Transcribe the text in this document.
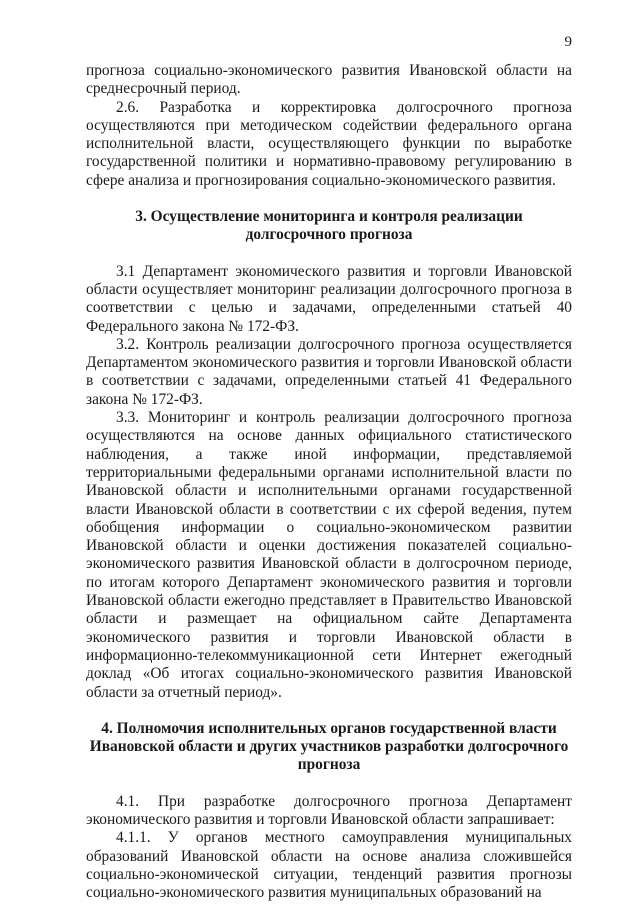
9

прогноза социально-экономического развития Ивановской области на среднесрочный период.

2.6. Разработка и корректировка долгосрочного прогноза осуществляются при методическом содействии федерального органа исполнительной власти, осуществляющего функции по выработке государственной политики и нормативно-правовому регулированию в сфере анализа и прогнозирования социально-экономического развития.

3. Осуществление мониторинга и контроля реализации долгосрочного прогноза

3.1 Департамент экономического развития и торговли Ивановской области осуществляет мониторинг реализации долгосрочного прогноза в соответствии с целью и задачами, определенными статьей 40 Федерального закона № 172-ФЗ.

3.2. Контроль реализации долгосрочного прогноза осуществляется Департаментом экономического развития и торговли Ивановской области в соответствии с задачами, определенными статьей 41 Федерального закона № 172-ФЗ.

3.3. Мониторинг и контроль реализации долгосрочного прогноза осуществляются на основе данных официального статистического наблюдения, а также иной информации, представляемой территориальными федеральными органами исполнительной власти по Ивановской области и исполнительными органами государственной власти Ивановской области в соответствии с их сферой ведения, путем обобщения информации о социально-экономическом развитии Ивановской области и оценки достижения показателей социально-экономического развития Ивановской области в долгосрочном периоде, по итогам которого Департамент экономического развития и торговли Ивановской области ежегодно представляет в Правительство Ивановской области и размещает на официальном сайте Департамента экономического развития и торговли Ивановской области в информационно-телекоммуникационной сети Интернет ежегодный доклад «Об итогах социально-экономического развития Ивановской области за отчетный период».

4. Полномочия исполнительных органов государственной власти Ивановской области и других участников разработки долгосрочного прогноза

4.1. При разработке долгосрочного прогноза Департамент экономического развития и торговли Ивановской области запрашивает:

4.1.1. У органов местного самоуправления муниципальных образований Ивановской области на основе анализа сложившейся социально-экономической ситуации, тенденций развития прогнозы социально-экономического развития муниципальных образований на
